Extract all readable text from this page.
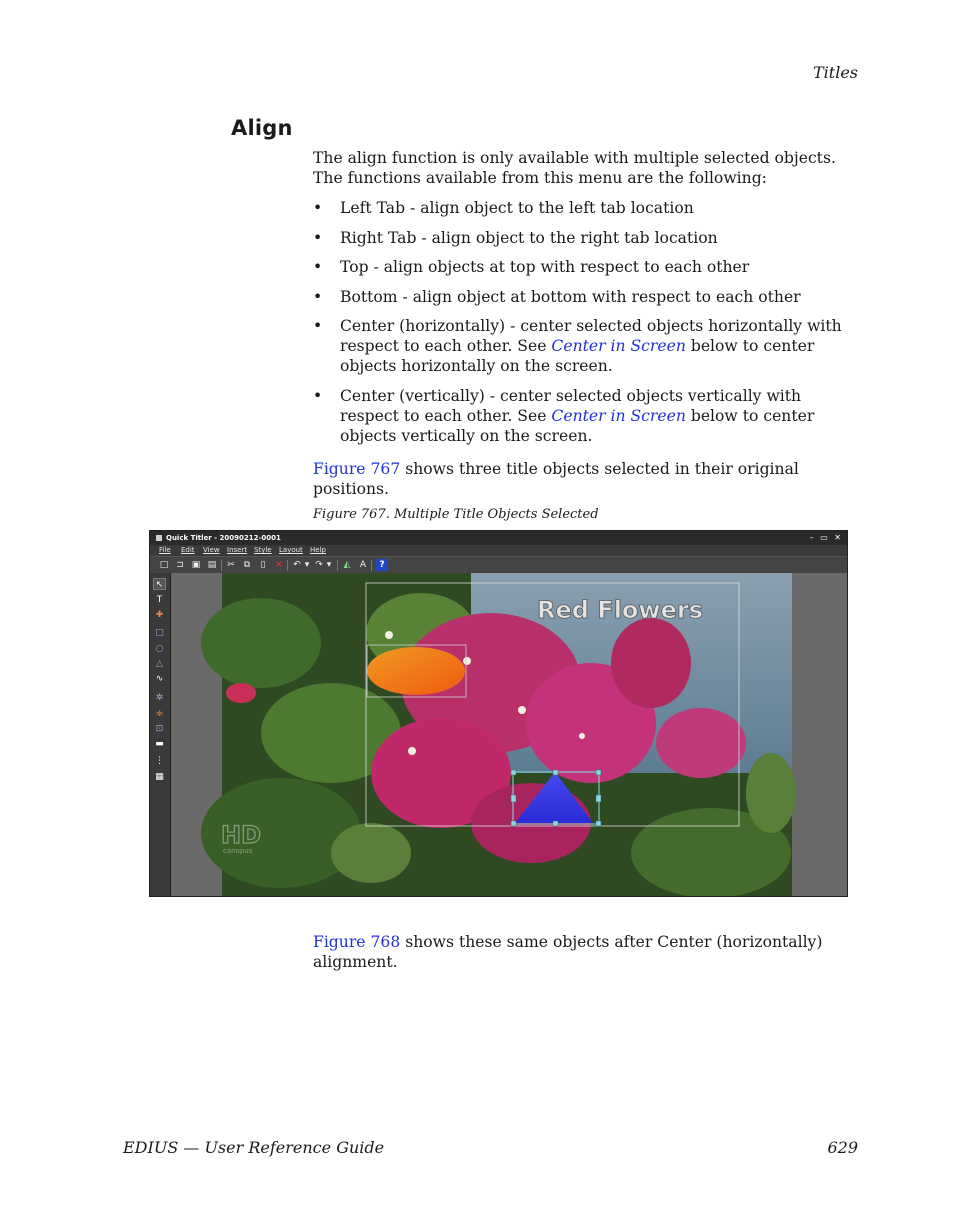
Titles
Align
The align function is only available with multiple selected objects. The functions available from this menu are the following:
• Left Tab - align object to the left tab location
• Right Tab - align object to the right tab location
• Top - align objects at top with respect to each other
• Bottom - align object at bottom with respect to each other
• Center (horizontally) - center selected objects horizontally with respect to each other. See Center in Screen below to center objects horizontally on the screen.
• Center (vertically) - center selected objects vertically with respect to each other. See Center in Screen below to center objects vertically on the screen.
Figure 767 shows three title objects selected in their original positions.
Figure 767. Multiple Title Objects Selected
Quick Titler - 20090212-0001	– ▭ ✕
File Edit View Insert Style Layout Help
□ ⊐ ▣ ▤ ✂	⧉	▯	✕ ↶ ▾ ↷ ▾	◭	A	?
↖
T
✚
□
○
△
∿
✲
≑
⊡
▬
⋮
▦
HD
canopus
Red Flowers
Figure 768 shows these same objects after Center (horizontally) alignment.
EDIUS — User Reference Guide	629
